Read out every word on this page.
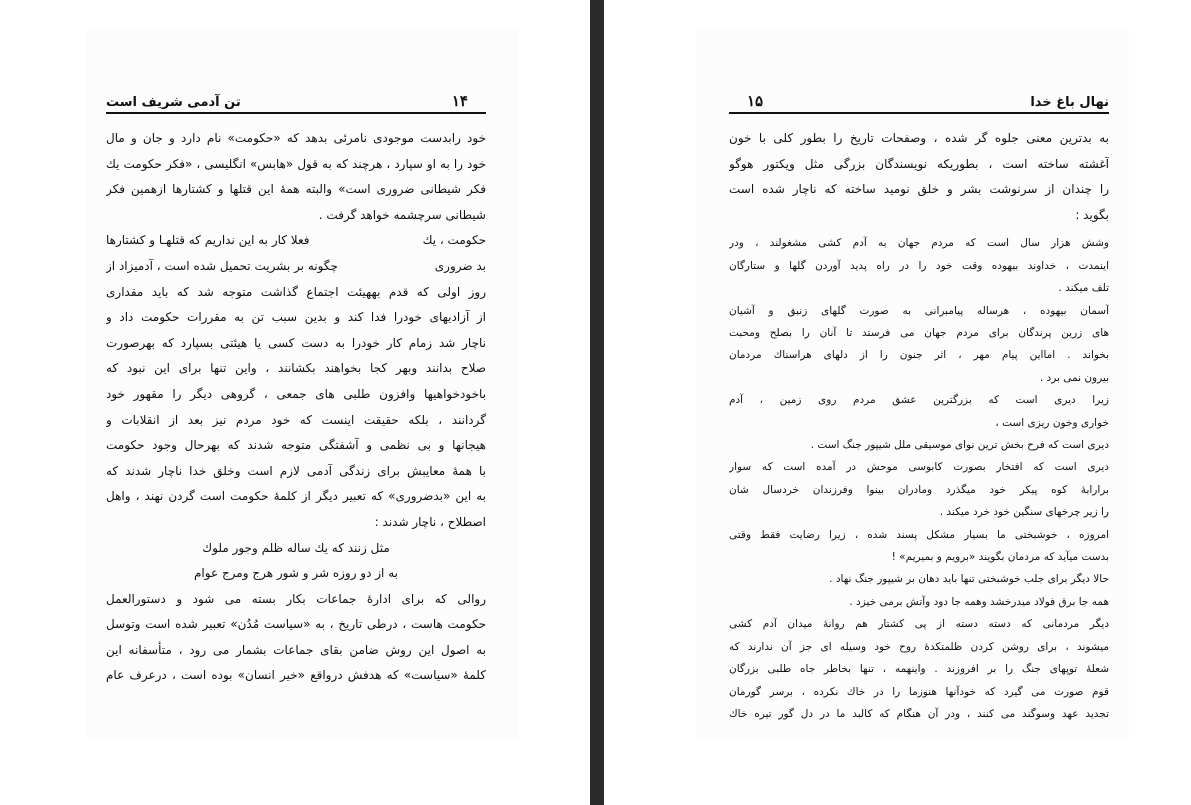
تن آدمی شریف است	۱۴
خود رابدست موجودی نامرئی بدهد که «حکومت» نام دارد و جان و مال
خود را به او سپارد ، هرچند که به قول «هابس» انگلیسی ، «فکر حکومت یك
فکر شیطانی ضروری است» والبته همهٔ این قتلها و کشتارها ازهمین فکر
شیطانی سرچشمه خواهد گرفت .
حکومت ، یك
فعلا کار به این نداریم که قتلهـا و کشتارها
بد ضروری
چگونه بر بشریت تحمیل شده است ، آدمیزاد از
روز اولی که قدم بههیئت اجتماع گذاشت متوجه شد که باید مقداری
از آزادیهای خودرا فدا کند و بدین سبب تن به مقررات حکومت داد و
ناچار شد زمام کار خودرا به دست کسی یا هیئتی بسپارد که بهرصورت
صلاح بدانند وبهر کجا بخواهند بکشانند ، واین تنها برای این نبود که
باخودخواهیها وافزون طلبی های جمعی ، گروهی دیگر را مقهور خود
گردانند ، بلکه حقیقت اینست که خود مردم نیز بعد از انقلابات و
هیجانها و بی نظمی و آشفتگی متوجه شدند که بهرحال وجود حکومت
با همهٔ معایبش برای زندگی آدمی لازم است وخلق خدا ناچار شدند که
به این «بدضروری» که تعبیر دیگر از کلمهٔ حکومت است گردن نهند ، واهل
اصطلاح ، ناچار شدند :
مثل زنند که یك ساله ظلم وجور ملوك
به از دو روزه شر و شور هرج ومرج عوام
روالی که برای ادارهٔ جماعات بکار بسته می شود و دستورالعمل
حکومت هاست ، درطی تاریخ ، به «سیاست مُدُن» تعبیر شده است وتوسل
به اصول این روش ضامن بقای جماعات بشمار می رود ، متأسفانه این
کلمهٔ «سیاست» که هدفش درواقع «خیر انسان» بوده است ، درعرف عام
۱۵	نهال باغ خدا
به بدترین معنی جلوه گر شده ، وصفحات تاریخ را بطور کلی با خون
آغشته ساخته است ، بطوریکه نویسندگان بزرگی مثل ویکتور هوگو
را چندان از سرنوشت بشر و خلق نومید ساخته که ناچار شده است
بگوید :
وشش هزار سال است که مردم جهان به آدم کشی مشغولند ، ودر
اینمدت ، خداوند بیهوده وقت خود را در راه پدید آوردن گلها و ستارگان
تلف میکند .
آسمان بیهوده ، هرساله پیامبرانی به صورت گلهای زنبق و آشیان
های زرین پرندگان برای مردم جهان می فرستد تا آنان را بصلح ومحبت
بخواند . امااین پیام مهر ، اثر جنون را از دلهای هراسناك مردمان
بیرون نمی برد .
زیرا دیری است که بزرگترین عشق مردم روی زمین ، آدم
خواری وخون ریزی است ،
دیری است که فرح بخش ترین نوای موسیقی ملل شیپور جنگ است .
دیری است که افتخار بصورت کابوسی موحش در آمده است که سوار
برارابهٔ کوه پیکر خود میگذرد ومادران بینوا وفرزندان خردسال شان
را زیر چرخهای سنگین خود خرد میکند .
امروزه ، خوشبختی ما بسیار مشکل پسند شده ، زیرا رضایت فقط وقتی
بدست میآید که مردمان بگویند «برویم و بمیریم» !
حالا دیگر برای جلب خوشبختی تنها باید دهان بر شیپور جنگ نهاد .
همه جا برق فولاد میدرخشد وهمه جا دود وآتش برمی خیزد .
دیگر مردمانی که دسته دسته از پی کشتار هم روانهٔ میدان آدم کشی
میشوند ، برای روشن کردن ظلمتکدهٔ روح خود وسیله ای جز آن ندارند که
شعلهٔ توپهای جنگ را بر افروزند . واینهمه ، تنها بخاطر جاه طلبی بزرگان
قوم صورت می گیرد که خودآنها هنوزما را در خاك نکرده ، برسر گورمان
تجدید عهد وسوگند می کنند ، ودر آن هنگام که کالبد ما در دل گور تیره خاك
